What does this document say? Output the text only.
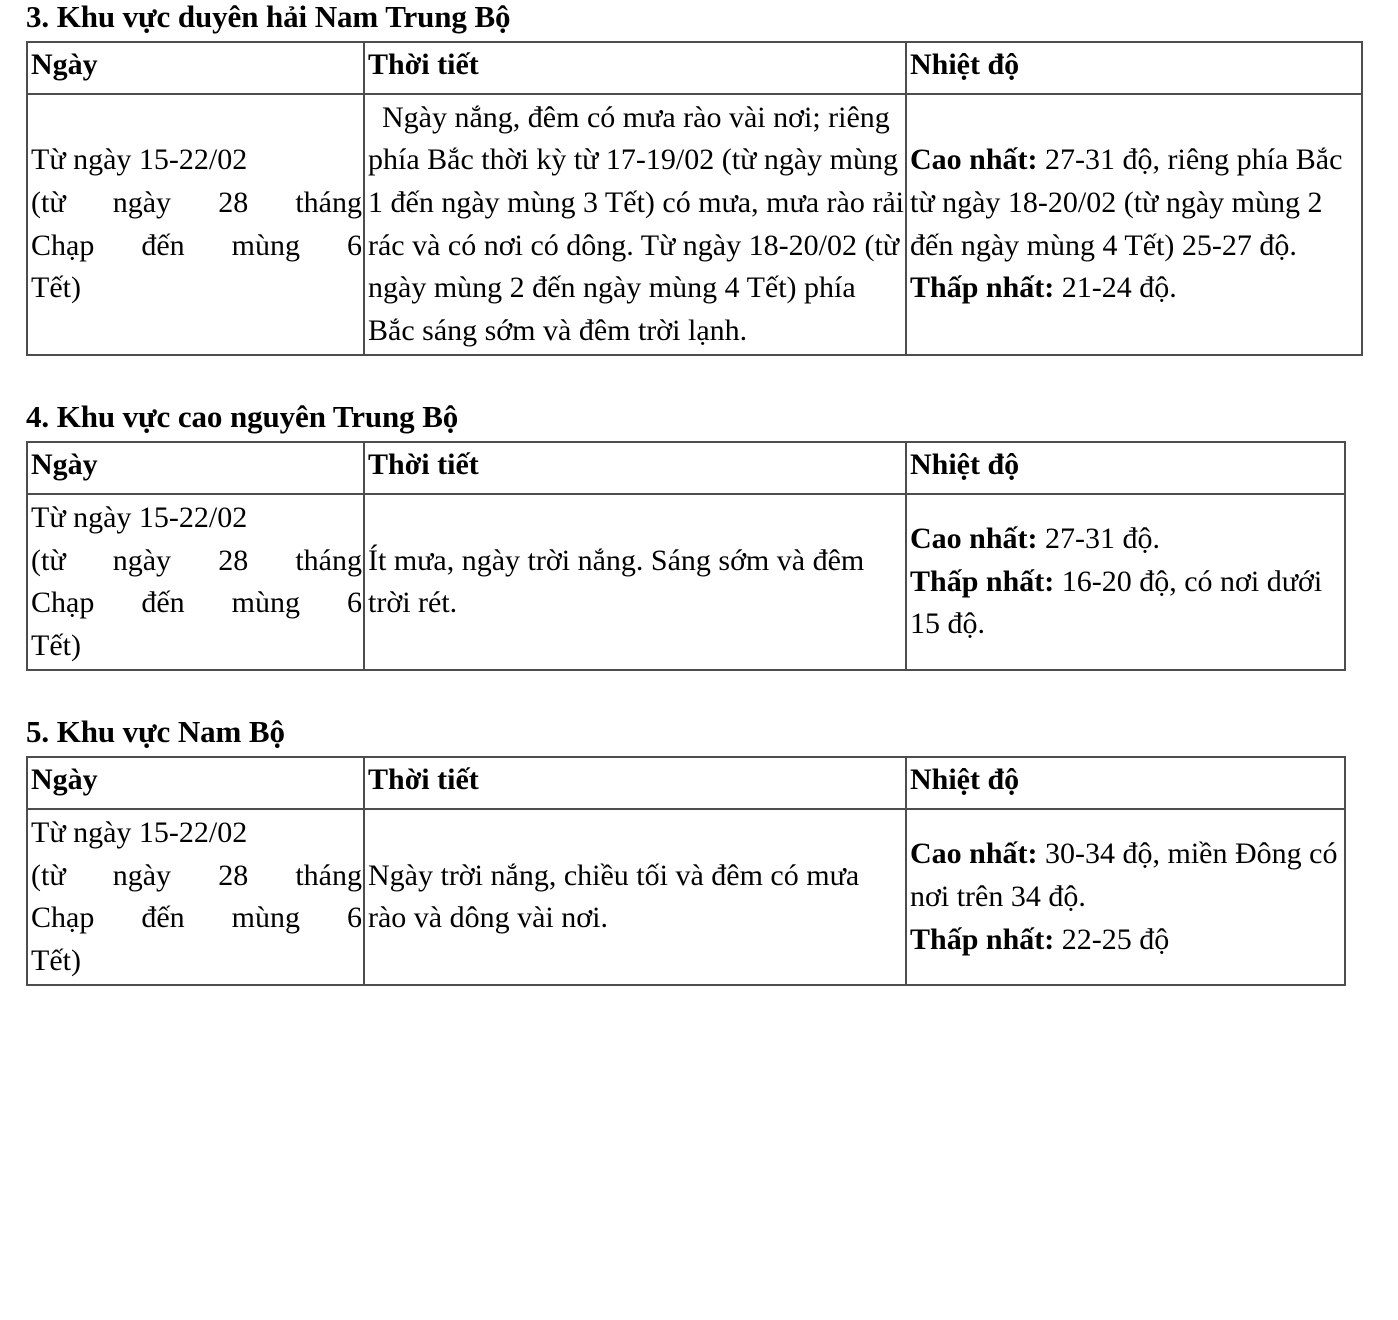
3. Khu vực duyên hải Nam Trung Bộ
Ngày	Thời tiết	Nhiệt độ

Từ ngày 15-22/02
(từ ngày 28 tháng
Chạp đến mùng 6
Tết)
	Ngày nắng, đêm có mưa rào vài nơi; riêng phía Bắc thời kỳ từ 17-19/02 (từ ngày mùng 1 đến ngày mùng 3 Tết) có mưa, mưa rào rải rác và có nơi có dông. Từ ngày 18-20/02 (từ ngày mùng 2 đến ngày mùng 4 Tết) phía Bắc sáng sớm và đêm trời lạnh.	Cao nhất: 27-31 độ, riêng phía Bắc từ ngày 18-20/02 (từ ngày mùng 2 đến ngày mùng 4 Tết) 25-27 độ.
Thấp nhất: 21-24 độ.
4. Khu vực cao nguyên Trung Bộ
Ngày	Thời tiết	Nhiệt độ

Từ ngày 15-22/02
(từ ngày 28 tháng
Chạp đến mùng 6
Tết)	Ít mưa, ngày trời nắng. Sáng sớm và đêm trời rét.	Cao nhất: 27-31 độ.
Thấp nhất: 16-20 độ, có nơi dưới 15 độ.
5. Khu vực Nam Bộ
Ngày	Thời tiết	Nhiệt độ

Từ ngày 15-22/02
(từ ngày 28 tháng
Chạp đến mùng 6
Tết)	Ngày trời nắng, chiều tối và đêm có mưa rào và dông vài nơi.	Cao nhất: 30-34 độ, miền Đông có nơi trên 34 độ.
Thấp nhất: 22-25 độ
